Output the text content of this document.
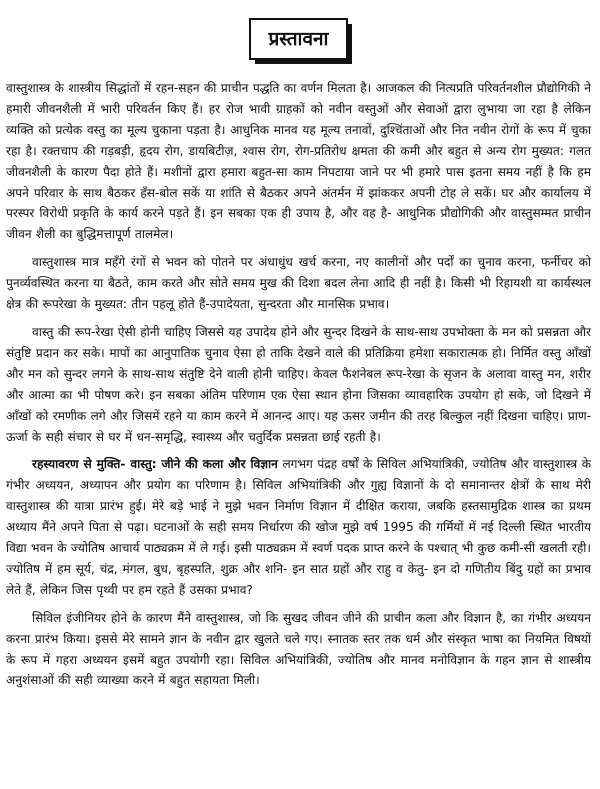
प्रस्तावना

वास्तुशास्त्र के शास्त्रीय सिद्धांतों में रहन-सहन की प्राचीन पद्धति का वर्णन मिलता है। आजकल की नित्यप्रति परिवर्तनशील प्रौद्योगिकी ने हमारी जीवनशैली में भारी परिवर्तन किए हैं। हर रोज भावी ग्राहकों को नवीन वस्तुओं और सेवाओं द्वारा लुभाया जा रहा है लेकिन व्यक्ति को प्रत्येक वस्तु का मूल्य चुकाना पड़ता है। आधुनिक मानव यह मूल्य तनावों, दुश्चिंताओं और नित नवीन रोगों के रूप में चुका रहा है। रक्तचाप की गड़बड़ी, हृदय रोग, डायबिटीज़, श्वास रोग, रोग-प्रतिरोध क्षमता की कमी और बहुत से अन्य रोग मुख्यत: गलत जीवनशैली के कारण पैदा होते हैं। मशीनों द्वारा हमारा बहुत-सा काम निपटाया जाने पर भी हमारे पास इतना समय नहीं है कि हम अपने परिवार के साथ बैठकर हँस-बोल सकें या शांति से बैठकर अपने अंतर्मन में झांककर अपनी टोह ले सकें। घर और कार्यालय में परस्पर विरोधी प्रकृति के कार्य करने पड़ते हैं। इन सबका एक ही उपाय है, और वह है- आधुनिक प्रौद्योगिकी और वास्तुसम्मत प्राचीन जीवन शैली का बुद्धिमत्तापूर्ण तालमेल।

वास्तुशास्त्र मात्र महँगे रंगों से भवन को पोतने पर अंधाधुंध खर्च करना, नए कालीनों और पर्दों का चुनाव करना, फर्नीचर को पुनर्व्यवस्थित करना या बैठते, काम करते और सोते समय मुख की दिशा बदल लेना आदि ही नहीं है। किसी भी रिहायशी या कार्यस्थल क्षेत्र की रूपरेखा के मुख्यत: तीन पहलू होते हैं-उपादेयता, सुन्दरता और मानसिक प्रभाव।

वास्तु की रूप-रेखा ऐसी होनी चाहिए जिससे यह उपादेय होने और सुन्दर दिखने के साथ-साथ उपभोक्ता के मन को प्रसन्नता और संतुष्टि प्रदान कर सके। मापों का आनुपातिक चुनाव ऐसा हो ताकि देखने वाले की प्रतिक्रिया हमेशा सकारात्मक हो। निर्मित वस्तु आँखों और मन को सुन्दर लगने के साथ-साथ संतुष्टि देने वाली होनी चाहिए। केवल फैशनेबल रूप-रेखा के सृजन के अलावा वास्तु मन, शरीर और आत्मा का भी पोषण करे। इन सबका अंतिम परिणाम एक ऐसा स्थान होना जिसका व्यावहारिक उपयोग हो सके, जो दिखने में आँखों को रमणीक लगे और जिसमें रहने या काम करने में आनन्द आए। यह ऊसर जमीन की तरह बिल्कुल नहीं दिखना चाहिए। प्राण-ऊर्जा के सही संचार से घर में धन-समृद्धि, स्वास्थ्य और चतुर्दिक प्रसन्नता छाई रहती है।

रहस्यावरण से मुक्ति- वास्तु: जीने की कला और विज्ञान लगभग पंद्रह वर्षों के सिविल अभियांत्रिकी, ज्योतिष और वास्तुशास्त्र के गंभीर अध्ययन, अध्यापन और प्रयोग का परिणाम है। सिविल अभियांत्रिकी और गुह्य विज्ञानों के दो समानान्तर क्षेत्रों के साथ मेरी वास्तुशास्त्र की यात्रा प्रारंभ हुई। मेरे बड़े भाई ने मुझे भवन निर्माण विज्ञान में दीक्षित कराया, जबकि हस्तसामुद्रिक शास्त्र का प्रथम अध्याय मैंने अपने पिता से पढ़ा। घटनाओं के सही समय निर्धारण की खोज मुझे वर्ष 1995 की गर्मियों में नई दिल्ली स्थित भारतीय विद्या भवन के ज्योतिष आचार्य पाठ्यक्रम में ले गई। इसी पाठ्यक्रम में स्वर्ण पदक प्राप्त करने के पश्चात् भी कुछ कमी-सी खलती रही। ज्योतिष में हम सूर्य, चंद्र, मंगल, बुध, बृहस्पति, शुक्र और शनि- इन सात ग्रहों और राहु व केतु- इन दो गणितीय बिंदु ग्रहों का प्रभाव लेते हैं, लेकिन जिस पृथ्वी पर हम रहते हैं उसका प्रभाव?

सिविल इंजीनियर होने के कारण मैंने वास्तुशास्त्र, जो कि सुखद जीवन जीने की प्राचीन कला और विज्ञान है, का गंभीर अध्ययन करना प्रारंभ किया। इससे मेरे सामने ज्ञान के नवीन द्वार खुलते चले गए। स्नातक स्तर तक धर्म और संस्कृत भाषा का नियमित विषयों के रूप में गहरा अध्ययन इसमें बहुत उपयोगी रहा। सिविल अभियांत्रिकी, ज्योतिष और मानव मनोविज्ञान के गहन ज्ञान से शास्त्रीय अनुशंसाओं की सही व्याख्या करने में बहुत सहायता मिली।
